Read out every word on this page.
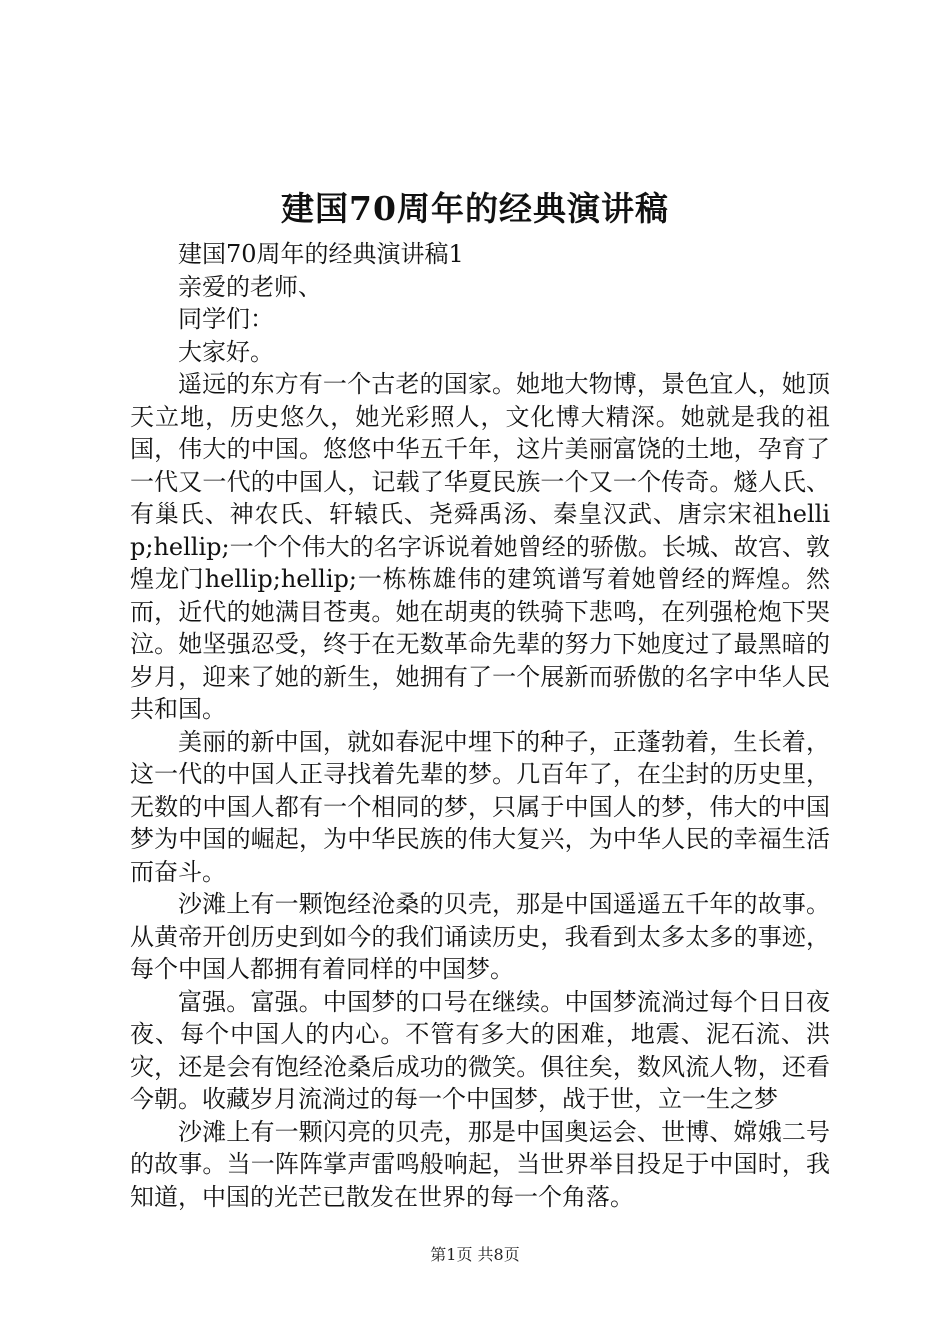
建国70周年的经典演讲稿

建国70周年的经典演讲稿1

亲爱的老师、

同学们：

大家好。

遥远的东方有一个古老的国家。她地大物博，景色宜人，她顶天立地，历史悠久，她光彩照人，文化博大精深。她就是我的祖国，伟大的中国。悠悠中华五千年，这片美丽富饶的土地，孕育了一代又一代的中国人，记载了华夏民族一个又一个传奇。燧人氏、有巢氏、神农氏、轩辕氏、尧舜禹汤、秦皇汉武、唐宗宋祖hellip;hellip;一个个伟大的名字诉说着她曾经的骄傲。长城、故宫、敦煌龙门hellip;hellip;一栋栋雄伟的建筑谱写着她曾经的辉煌。然而，近代的她满目苍夷。她在胡夷的铁骑下悲鸣，在列强枪炮下哭泣。她坚强忍受，终于在无数革命先辈的努力下她度过了最黑暗的岁月，迎来了她的新生，她拥有了一个展新而骄傲的名字中华人民共和国。

美丽的新中国，就如春泥中埋下的种子，正蓬勃着，生长着，这一代的中国人正寻找着先辈的梦。几百年了，在尘封的历史里，无数的中国人都有一个相同的梦，只属于中国人的梦，伟大的中国梦为中国的崛起，为中华民族的伟大复兴，为中华人民的幸福生活而奋斗。

沙滩上有一颗饱经沧桑的贝壳，那是中国遥遥五千年的故事。从黄帝开创历史到如今的我们诵读历史，我看到太多太多的事迹，每个中国人都拥有着同样的中国梦。

富强。富强。中国梦的口号在继续。中国梦流淌过每个日日夜夜、每个中国人的内心。不管有多大的困难，地震、泥石流、洪灾，还是会有饱经沧桑后成功的微笑。俱往矣，数风流人物，还看今朝。收藏岁月流淌过的每一个中国梦，战于世，立一生之梦

沙滩上有一颗闪亮的贝壳，那是中国奥运会、世博、嫦娥二号的故事。当一阵阵掌声雷鸣般响起，当世界举目投足于中国时，我知道，中国的光芒已散发在世界的每一个角落。

第1页 共8页
